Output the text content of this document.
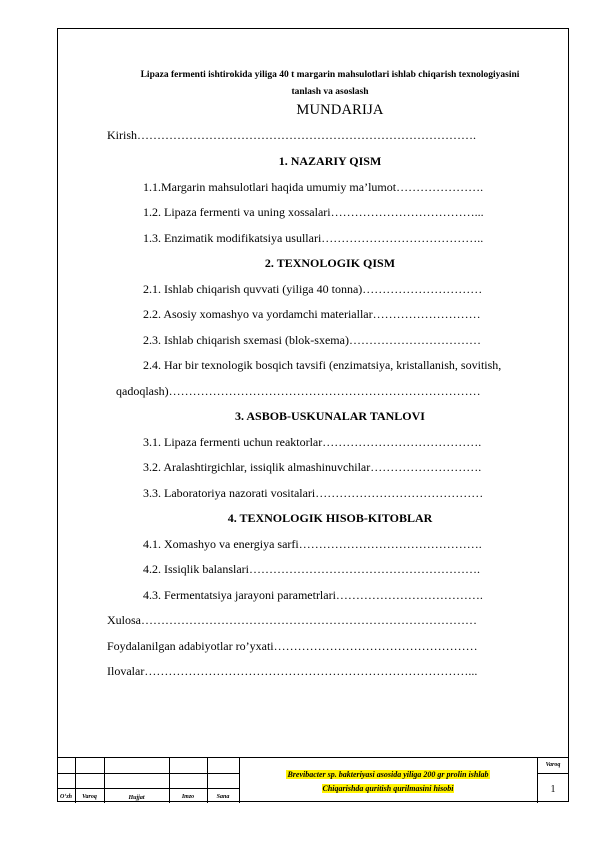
Lipaza fermenti ishtirokida yiliga 40 t margarin mahsulotlari ishlab chiqarish texnologiyasini
tanlash va asoslash
MUNDARIJA
Kirish………………………………………………………………………….
1. NAZARIY QISM
1.1.Margarin mahsulotlari haqida umumiy ma’lumot………………….
1.2. Lipaza fermenti va uning xossalari………………………………...
1.3. Enzimatik modifikatsiya usullari…………………………………..
2. TEXNOLOGIK QISM
2.1. Ishlab chiqarish quvvati (yiliga 40 tonna)…………………………
2.2. Asosiy xomashyo va yordamchi materiallar………………………
2.3. Ishlab chiqarish sxemasi (blok-sxema)……………………………
2.4. Har bir texnologik bosqich tavsifi (enzimatsiya, kristallanish, sovitish,
qadoqlash)……………………………………………………………………
3. ASBOB-USKUNALAR TANLOVI
3.1. Lipaza fermenti uchun reaktorlar………………………………….
3.2. Aralashtirgichlar, issiqlik almashinuvchilar……………………….
3.3. Laboratoriya nazorati vositalari……………………………………
4. TEXNOLOGIK HISOB-KITOBLAR
4.1. Xomashyo va energiya sarfi……………………………………….
4.2. Issiqlik balanslari………………………………………………….
4.3. Fermentatsiya jarayoni parametrlari……………………………….
Xulosa…………………………………………………………………………
Foydalanilgan adabiyotlar ro’yxati……………………………………………
Ilovalar………………………………………………………………………...
O‘zh	Varoq	Hujjat	Imzo	Sana
Brevibacter sp. bakteriyasi asosida yiliga 200 gr prolin ishlab
Chiqarishda quritish qurilmasini hisobi
Varoq
1
